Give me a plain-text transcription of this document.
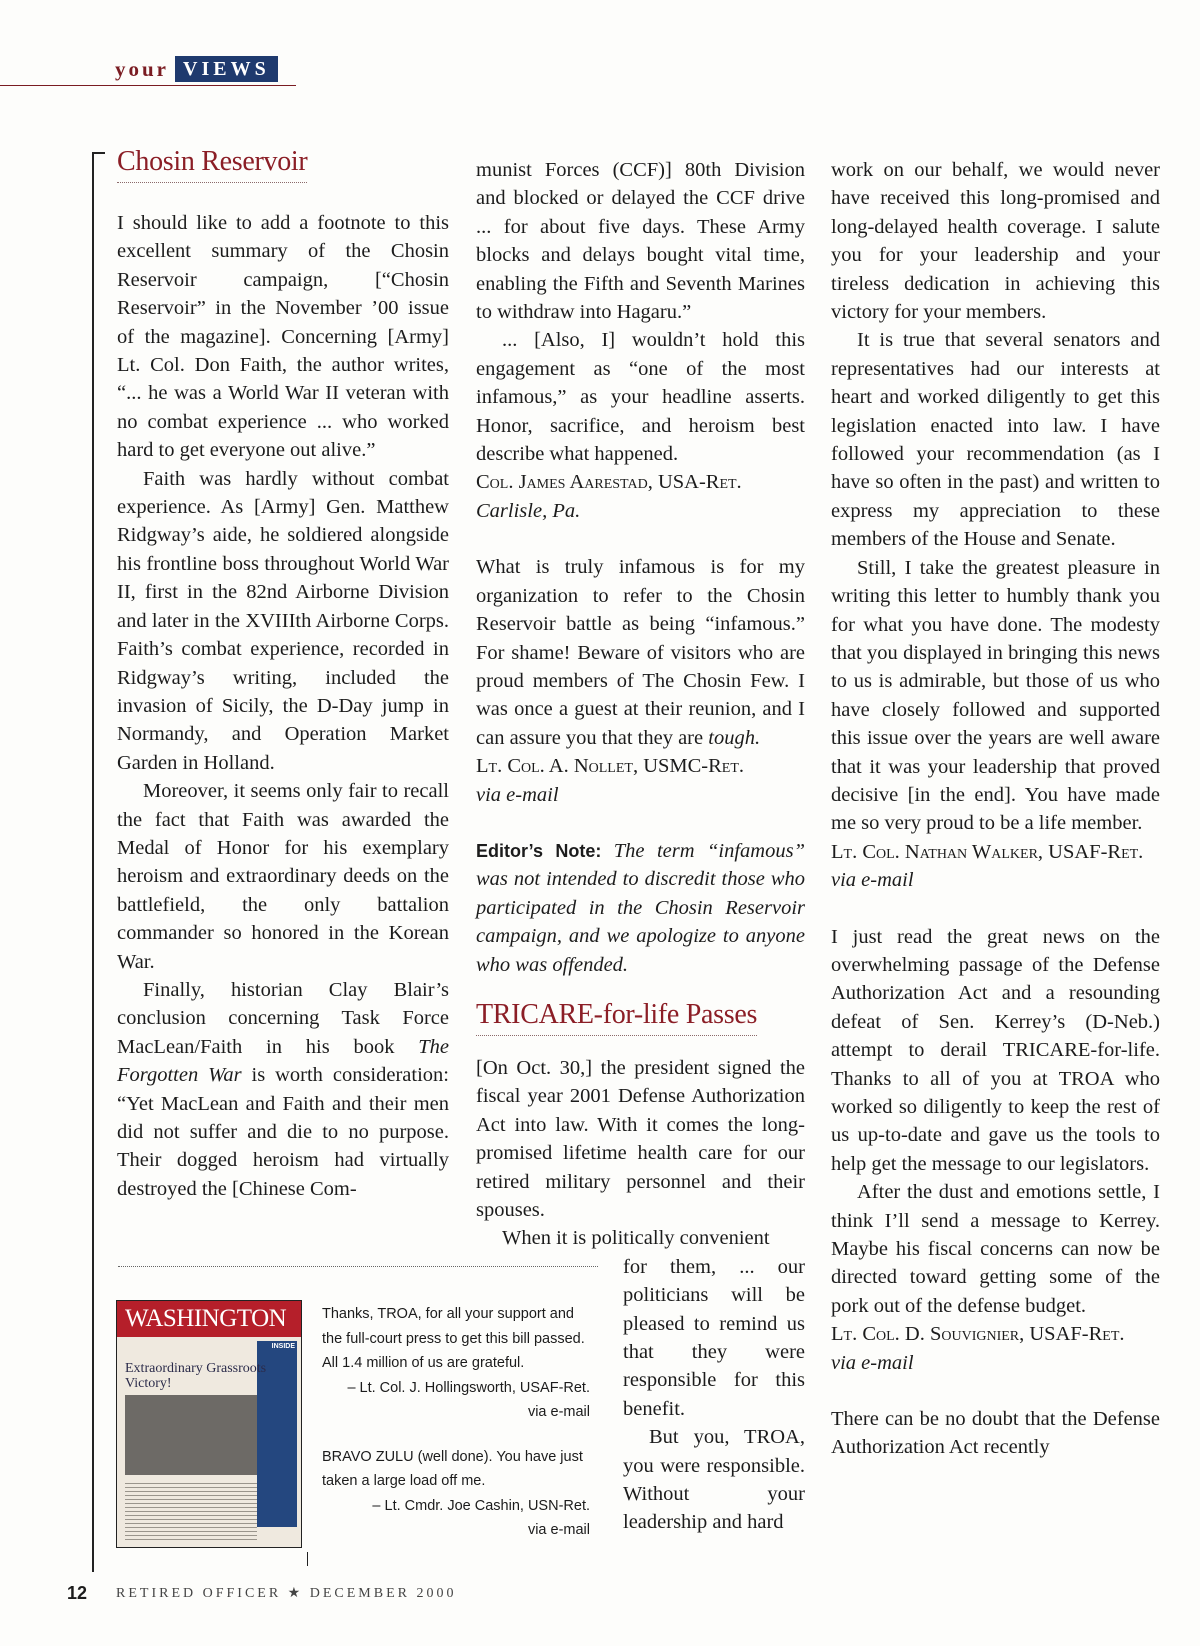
your VIEWS
Chosin Reservoir

I should like to add a footnote to this excellent summary of the Chosin Reservoir campaign, [“Chosin Reservoir” in the November ’00 issue of the magazine]. Concerning [Army] Lt. Col. Don Faith, the author writes, “... he was a World War II veteran with no combat experience ... who worked hard to get everyone out alive.”

Faith was hardly without combat experience. As [Army] Gen. Matthew Ridgway’s aide, he soldiered alongside his frontline boss throughout World War II, first in the 82nd Airborne Division and later in the XVIIIth Airborne Corps. Faith’s combat experience, recorded in Ridgway’s writing, included the invasion of Sicily, the D-Day jump in Normandy, and Operation Market Garden in Holland.

Moreover, it seems only fair to recall the fact that Faith was awarded the Medal of Honor for his exemplary heroism and extraordinary deeds on the battlefield, the only battalion commander so honored in the Korean War.

Finally, historian Clay Blair’s conclusion concerning Task Force MacLean/Faith in his book The Forgotten War is worth consideration: “Yet MacLean and Faith and their men did not suffer and die to no purpose. Their dogged heroism had virtually destroyed the [Chinese Com-

munist Forces (CCF)] 80th Division and blocked or delayed the CCF drive ... for about five days. These Army blocks and delays bought vital time, enabling the Fifth and Seventh Marines to withdraw into Hagaru.”

... [Also, I] wouldn’t hold this engagement as “one of the most infamous,” as your headline asserts. Honor, sacrifice, and heroism best describe what happened.

Col. James Aarestad, USA-Ret.

Carlisle, Pa.

What is truly infamous is for my organization to refer to the Chosin Reservoir battle as being “infamous.” For shame! Beware of visitors who are proud members of The Chosin Few. I was once a guest at their reunion, and I can assure you that they are tough.

Lt. Col. A. Nollet, USMC-Ret.

via e-mail

Editor’s Note: The term “infamous” was not intended to discredit those who participated in the Chosin Reservoir campaign, and we apologize to anyone who was offended.

TRICARE-for-life Passes

[On Oct. 30,] the president signed the fiscal year 2001 Defense Authorization Act into law. With it comes the long-promised lifetime health care for our retired military personnel and their spouses.

When it is politically convenient

for them, ... our politicians will be pleased to remind us that they were responsible for this benefit.

But you, TROA, you were responsible. Without your leadership and hard

work on our behalf, we would never have received this long-promised and long-delayed health coverage. I salute you for your leadership and your tireless dedication in achieving this victory for your members.

It is true that several senators and representatives had our interests at heart and worked diligently to get this legislation enacted into law. I have followed your recommendation (as I have so often in the past) and written to express my appreciation to these members of the House and Senate.

Still, I take the greatest pleasure in writing this letter to humbly thank you for what you have done. The modesty that you displayed in bringing this news to us is admirable, but those of us who have closely followed and supported this issue over the years are well aware that it was your leadership that proved decisive [in the end]. You have made me so very proud to be a life member.

Lt. Col. Nathan Walker, USAF-Ret.

via e-mail

I just read the great news on the overwhelming passage of the Defense Authorization Act and a resounding defeat of Sen. Kerrey’s (D-Neb.) attempt to derail TRICARE-for-life. Thanks to all of you at TROA who worked so diligently to keep the rest of us up-to-date and gave us the tools to help get the message to our legislators.

After the dust and emotions settle, I think I’ll send a message to Kerrey. Maybe his fiscal concerns can now be directed toward getting some of the pork out of the defense budget.

Lt. Col. D. Souvignier, USAF-Ret.

via e-mail

There can be no doubt that the Defense Authorization Act recently

WASHINGTON
INSIDE
Extraordinary Grassroots Victory!

Thanks, TROA, for all your support and the full-court press to get this bill passed. All 1.4 million of us are grateful.

– Lt. Col. J. Hollingsworth, USAF-Ret.

via e-mail

BRAVO ZULU (well done). You have just taken a large load off me.

– Lt. Cmdr. Joe Cashin, USN-Ret.

via e-mail

12 RETIRED OFFICER ★ DECEMBER 2000
